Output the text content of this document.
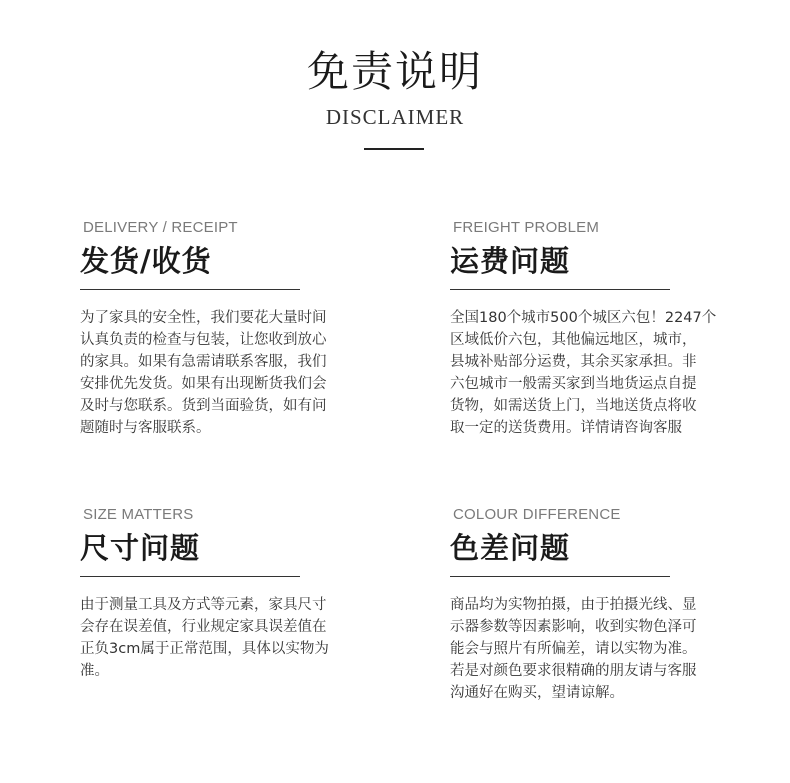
免责说明
DISCLAIMER
DELIVERY / RECEIPT
发货/收货
为了家具的安全性，我们要花大量时间
认真负责的检查与包装，让您收到放心
的家具。如果有急需请联系客服，我们
安排优先发货。如果有出现断货我们会
及时与您联系。货到当面验货，如有问
题随时与客服联系。
FREIGHT PROBLEM
运费问题
全国180个城市500个城区六包！2247个
区域低价六包，其他偏远地区，城市，
县城补贴部分运费，其余买家承担。非
六包城市一般需买家到当地货运点自提
货物，如需送货上门，当地送货点将收
取一定的送货费用。详情请咨询客服
SIZE MATTERS
尺寸问题
由于测量工具及方式等元素，家具尺寸
会存在误差值，行业规定家具误差值在
正负3cm属于正常范围，具体以实物为
准。
COLOUR DIFFERENCE
色差问题
商品均为实物拍摄，由于拍摄光线、显
示器参数等因素影响，收到实物色泽可
能会与照片有所偏差，请以实物为准。
若是对颜色要求很精确的朋友请与客服
沟通好在购买，望请谅解。
